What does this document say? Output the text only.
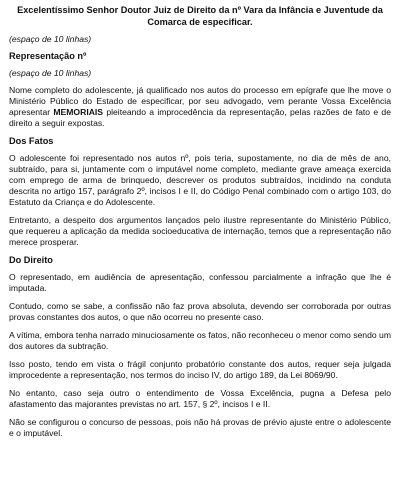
Excelentíssimo Senhor Doutor Juiz de Direito da nº Vara da Infância e Juventude da Comarca de especificar.
(espaço de 10 linhas)
Representação nº
(espaço de 10 linhas)

Nome completo do adolescente, já qualificado nos autos do processo em epígrafe que lhe move o Ministério Público do Estado de especificar, por seu advogado, vem perante Vossa Excelência apresentar MEMORIAIS pleiteando a improcedência da representação, pelas razões de fato e de direito a seguir expostas.

Dos Fatos

O adolescente foi representado nos autos nº, pois teria, supostamente, no dia de mês de ano, subtraído, para si, juntamente com o imputável nome completo, mediante grave ameaça exercida com emprego de arma de brinquedo, descrever os produtos subtraídos, incidindo na conduta descrita no artigo 157, parágrafo 2º, incisos I e II, do Código Penal combinado com o artigo 103, do Estatuto da Criança e do Adolescente.

Entretanto, a despeito dos argumentos lançados pelo ilustre representante do Ministério Público, que requereu a aplicação da medida socioeducativa de internação, temos que a representação não merece prosperar.

Do Direito

O representado, em audiência de apresentação, confessou parcialmente a infração que lhe é imputada.

Contudo, como se sabe, a confissão não faz prova absoluta, devendo ser corroborada por outras provas constantes dos autos, o que não ocorreu no presente caso.

A vítima, embora tenha narrado minuciosamente os fatos, não reconheceu o menor como sendo um dos autores da subtração.

Isso posto, tendo em vista o frágil conjunto probatório constante dos autos, requer seja julgada improcedente a representação, nos termos do inciso IV, do artigo 189, da Lei 8069/90.

No entanto, caso seja outro o entendimento de Vossa Excelência, pugna a Defesa pelo afastamento das majorantes previstas no art. 157, § 2º, incisos I e II.

Não se configurou o concurso de pessoas, pois não há provas de prévio ajuste entre o adolescente e o imputável.
